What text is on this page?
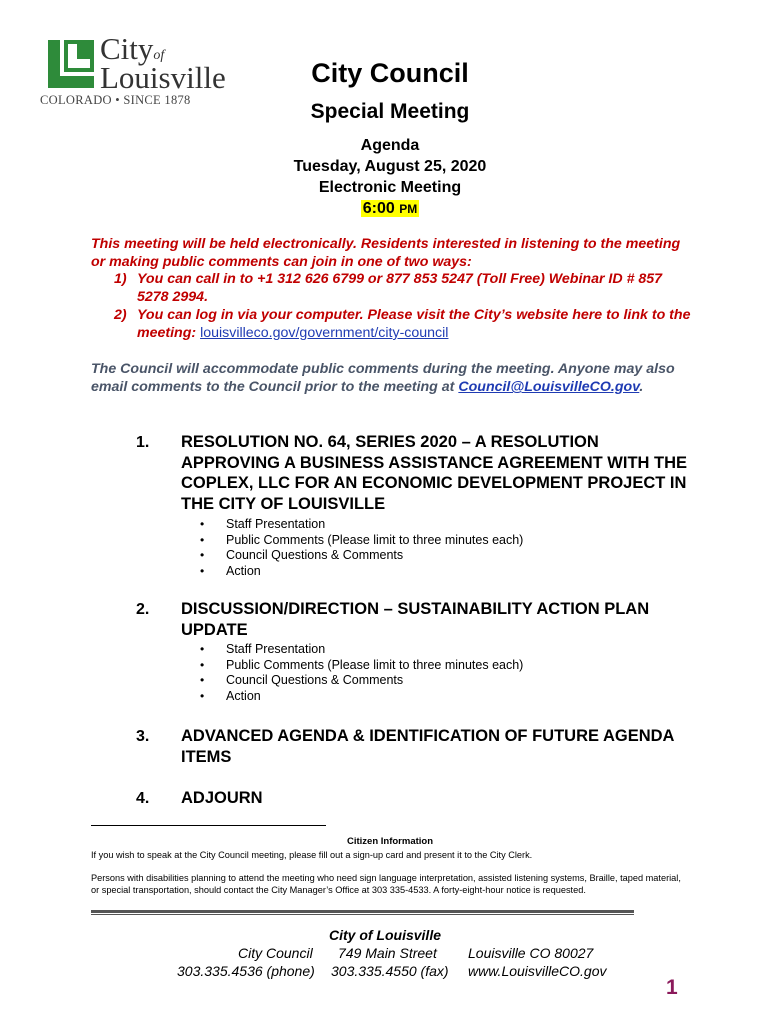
Cityof
Louisville
COLORADO • SINCE 1878
City Council
Special Meeting
Agenda
Tuesday, August 25, 2020
Electronic Meeting
6:00 PM
This meeting will be held electronically. Residents interested in listening to the meeting or making public comments can join in one of two ways:
1) You can call in to +1 312 626 6799 or 877 853 5247 (Toll Free) Webinar ID # 857 5278 2994.
2) You can log in via your computer. Please visit the City’s website here to link to the meeting: louisvilleco.gov/government/city-council
The Council will accommodate public comments during the meeting. Anyone may also email comments to the Council prior to the meeting at Council@LouisvilleCO.gov.
1. RESOLUTION NO. 64, SERIES 2020 – A RESOLUTION APPROVING A BUSINESS ASSISTANCE AGREEMENT WITH THE COPLEX, LLC FOR AN ECONOMIC DEVELOPMENT PROJECT IN THE CITY OF LOUISVILLE
• Staff Presentation
• Public Comments (Please limit to three minutes each)
• Council Questions & Comments
• Action
2. DISCUSSION/DIRECTION – SUSTAINABILITY ACTION PLAN UPDATE
• Staff Presentation
• Public Comments (Please limit to three minutes each)
• Council Questions & Comments
• Action
3. ADVANCED AGENDA & IDENTIFICATION OF FUTURE AGENDA ITEMS
4. ADJOURN
Citizen Information
If you wish to speak at the City Council meeting, please fill out a sign-up card and present it to the City Clerk.
Persons with disabilities planning to attend the meeting who need sign language interpretation, assisted listening systems, Braille, taped material, or special transportation, should contact the City Manager’s Office at 303 335-4533. A forty-eight-hour notice is requested.
City of Louisville
City Council 749 Main Street Louisville CO 80027
303.335.4536 (phone) 303.335.4550 (fax) www.LouisvilleCO.gov
1
